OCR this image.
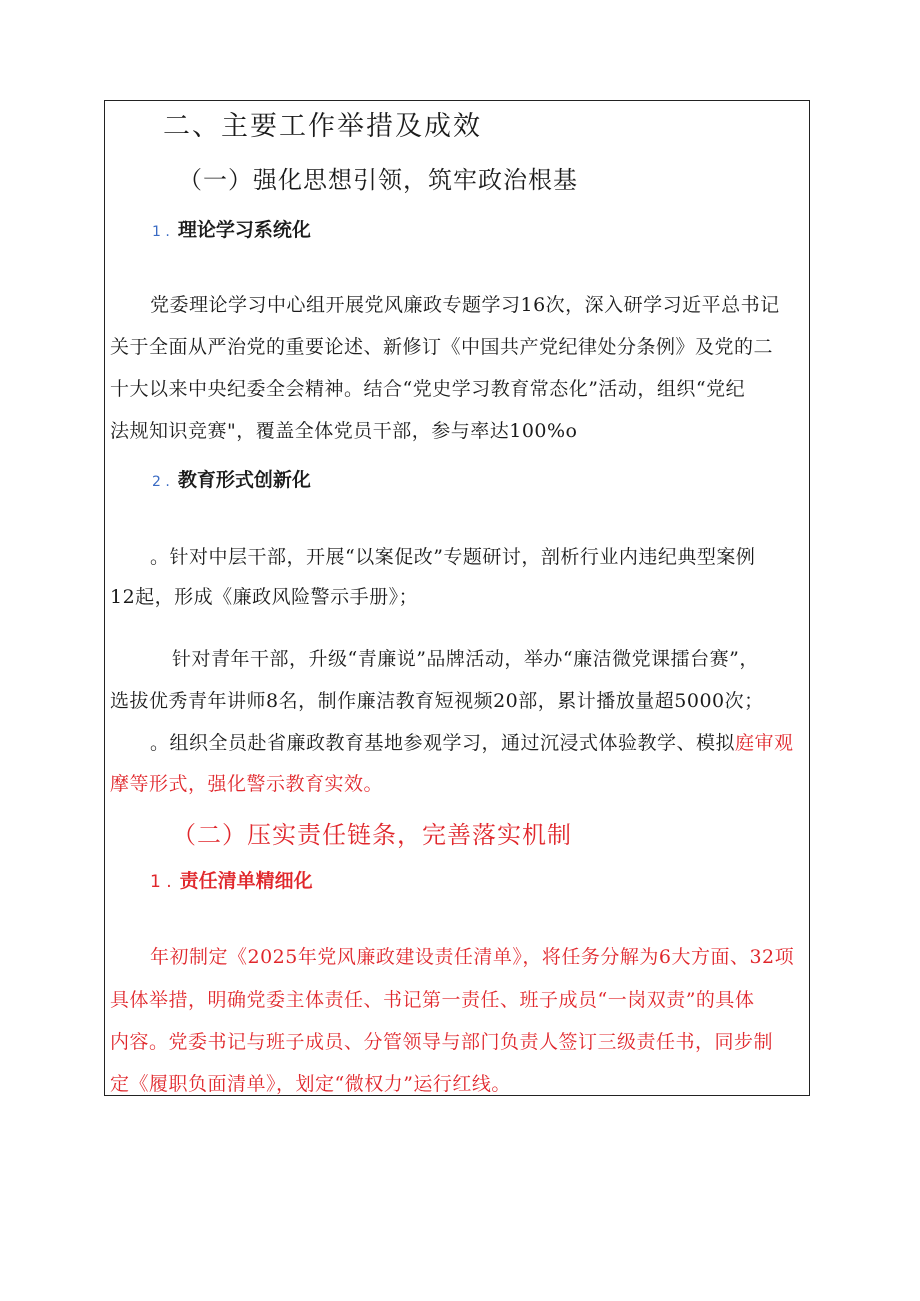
二、主要工作举措及成效
（一）强化思想引领，筑牢政治根基
1 . 理论学习系统化
党委理论学习中心组开展党风廉政专题学习16次，深入研学习近平总书记
关于全面从严治党的重要论述、新修订《中国共产党纪律处分条例》及党的二
十大以来中央纪委全会精神。结合“党史学习教育常态化”活动，组织“党纪
法规知识竞赛"，覆盖全体党员干部，参与率达100%o
2 . 教育形式创新化
。针对中层干部，开展“以案促改”专题研讨，剖析行业内违纪典型案例
12起，形成《廉政风险警示手册》；
针对青年干部，升级“青廉说”品牌活动，举办“廉洁微党课擂台赛”，
选拔优秀青年讲师8名，制作廉洁教育短视频20部，累计播放量超5000次；
。组织全员赴省廉政教育基地参观学习，通过沉浸式体验教学、模拟庭审观
摩等形式，强化警示教育实效。
（二）压实责任链条，完善落实机制
1 . 责任清单精细化
年初制定《2025年党风廉政建设责任清单》，将任务分解为6大方面、32项
具体举措，明确党委主体责任、书记第一责任、班子成员“一岗双责”的具体
内容。党委书记与班子成员、分管领导与部门负责人签订三级责任书，同步制
定《履职负面清单》，划定“微权力”运行红线。
